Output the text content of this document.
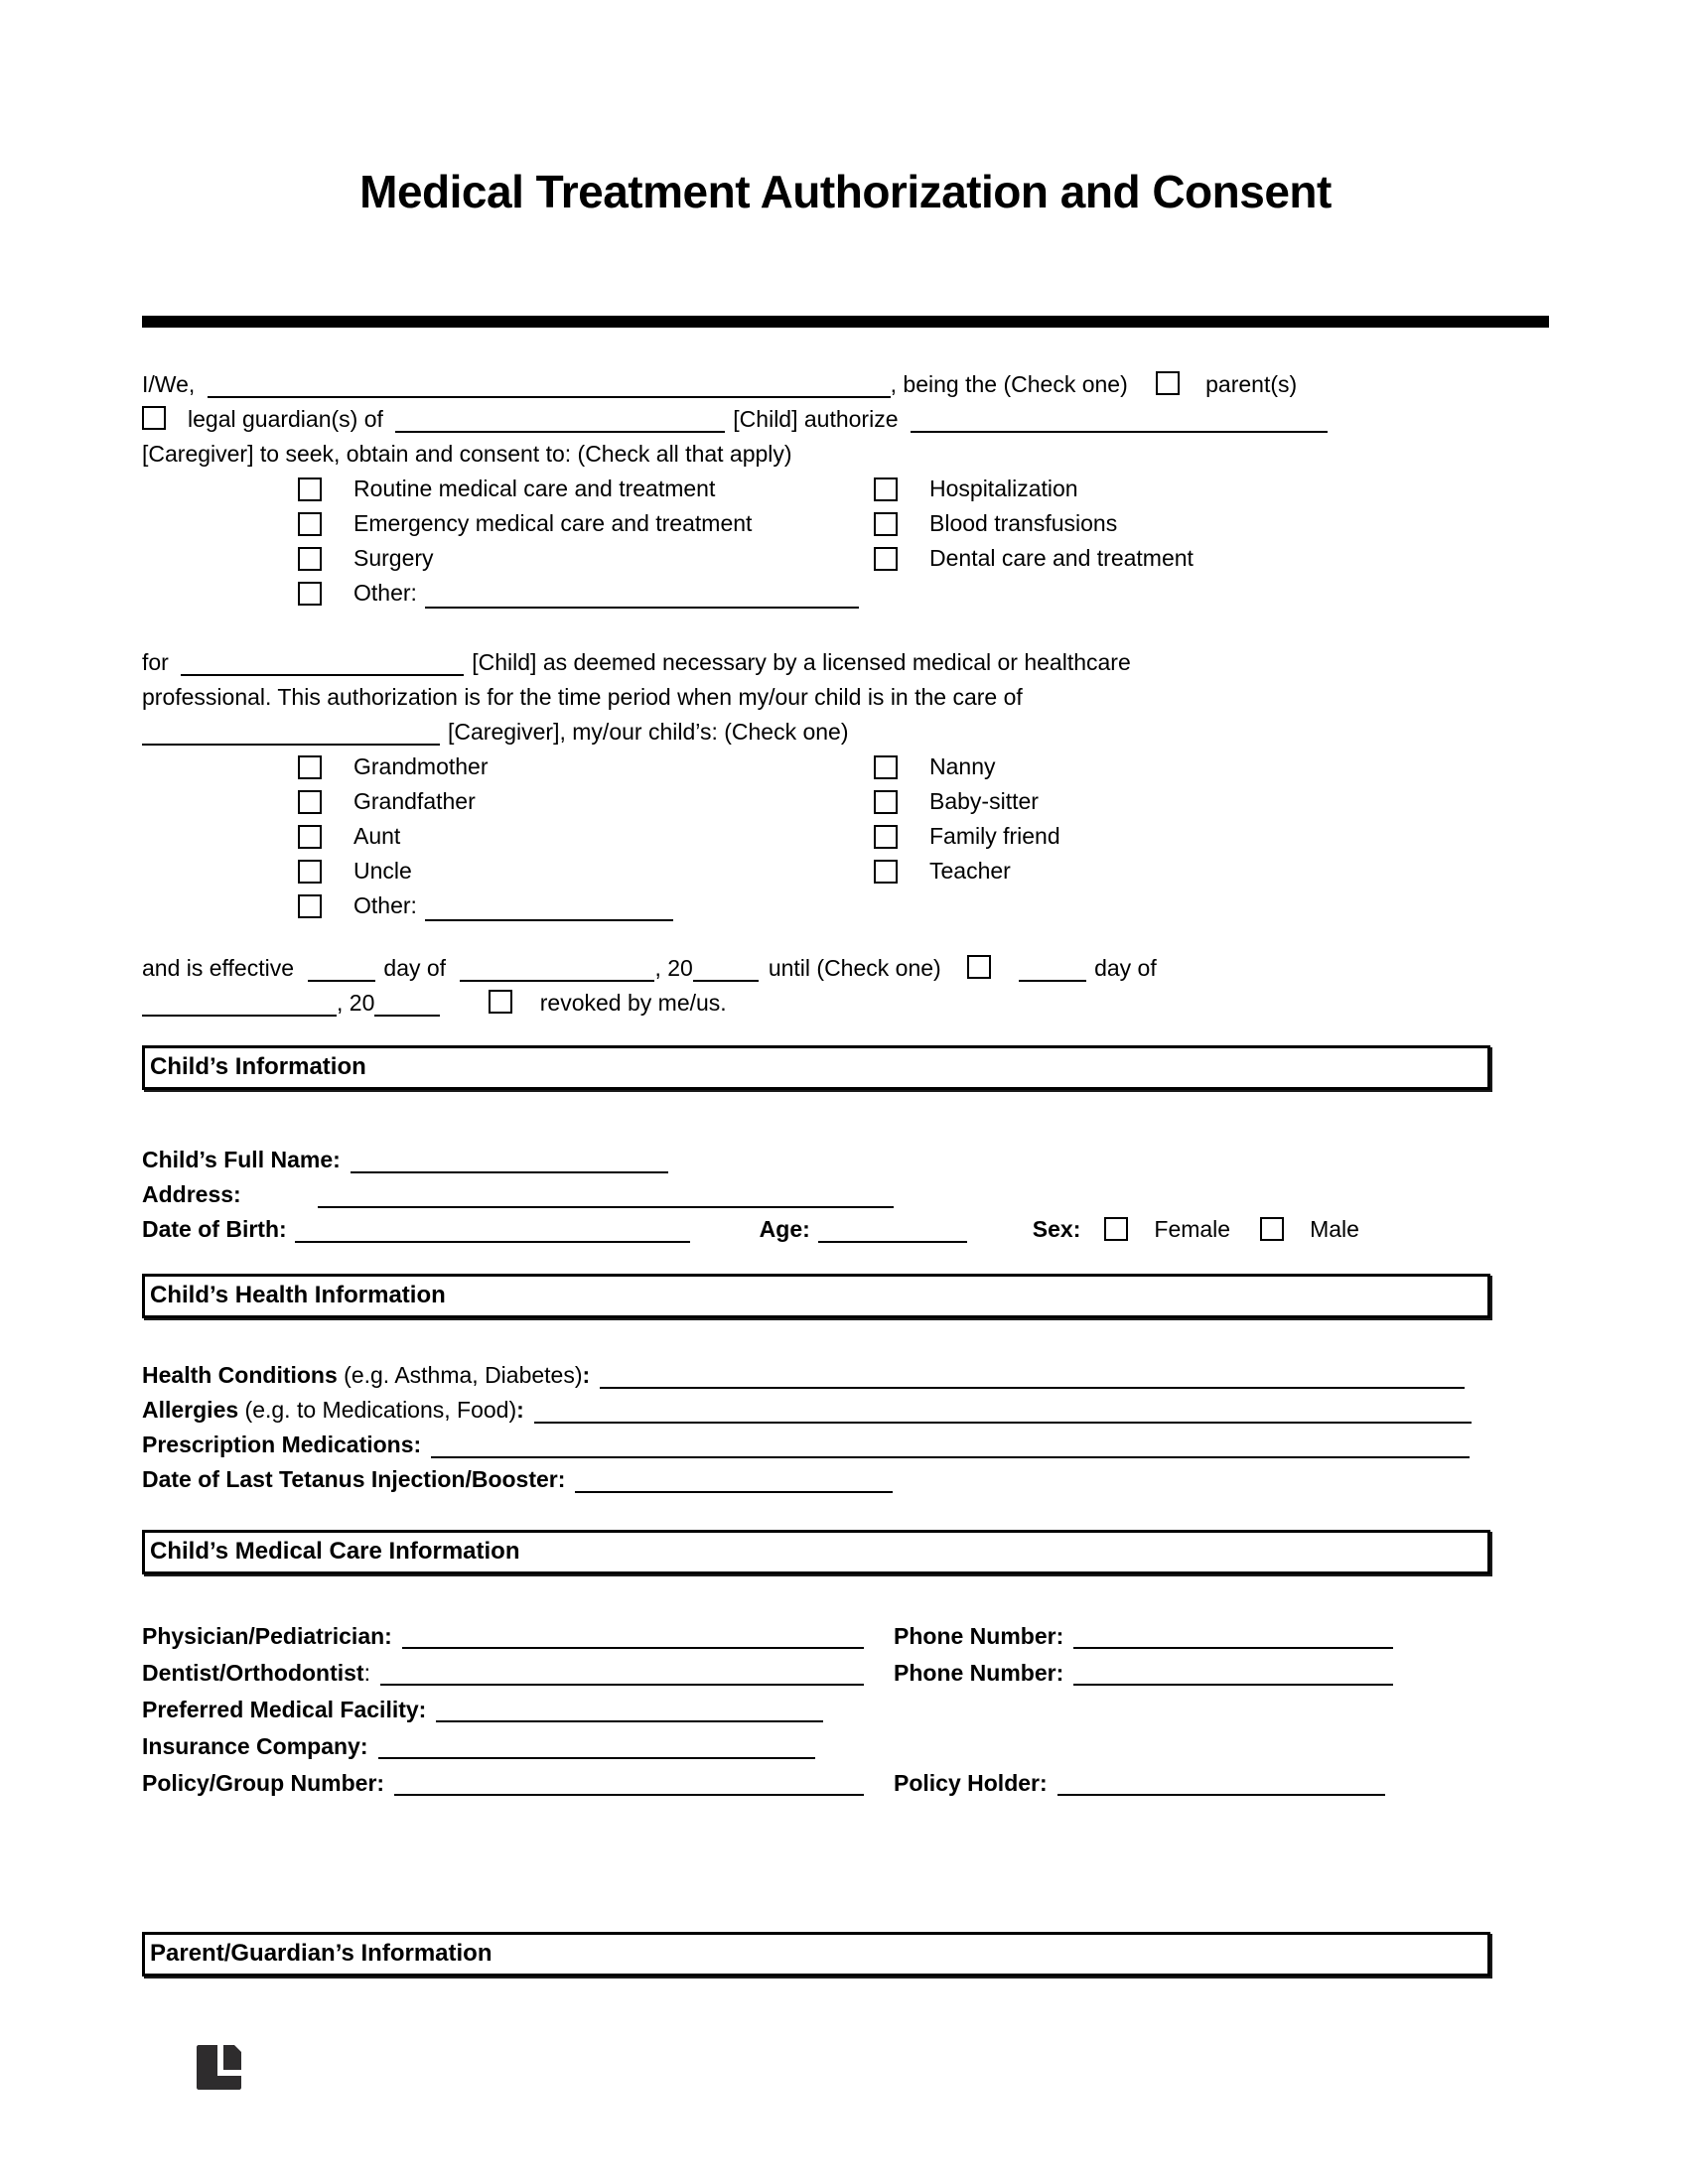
Medical Treatment Authorization and Consent

I/We,	, being the (Check one)	parent(s)
legal guardian(s) of	[Child] authorize
[Caregiver] to seek, obtain and consent to: (Check all that apply)

Routine medical care and treatment	Hospitalization
Emergency medical care and treatment	Blood transfusions
Surgery	Dental care and treatment
Other:

for	[Child] as deemed necessary by a licensed medical or healthcare
professional. This authorization is for the time period when my/our child is in the care of
[Caregiver], my/our child’s: (Check one)

Grandmother	Nanny
Grandfather	Baby-sitter
Aunt	Family friend
Uncle	Teacher
Other:

and is effective	day of	, 20	until (Check one)	day of
, 20	revoked by me/us.

Child’s Information
Child’s Full Name:
Address:
Date of Birth:	Age:	Sex:	Female	Male
Child’s Health Information
Health Conditions (e.g. Asthma, Diabetes):
Allergies (e.g. to Medications, Food):
Prescription Medications:
Date of Last Tetanus Injection/Booster:
Child’s Medical Care Information
Physician/Pediatrician:	Phone Number:
Dentist/Orthodontist:	Phone Number:
Preferred Medical Facility:
Insurance Company:
Policy/Group Number:	Policy Holder:
Parent/Guardian’s Information
